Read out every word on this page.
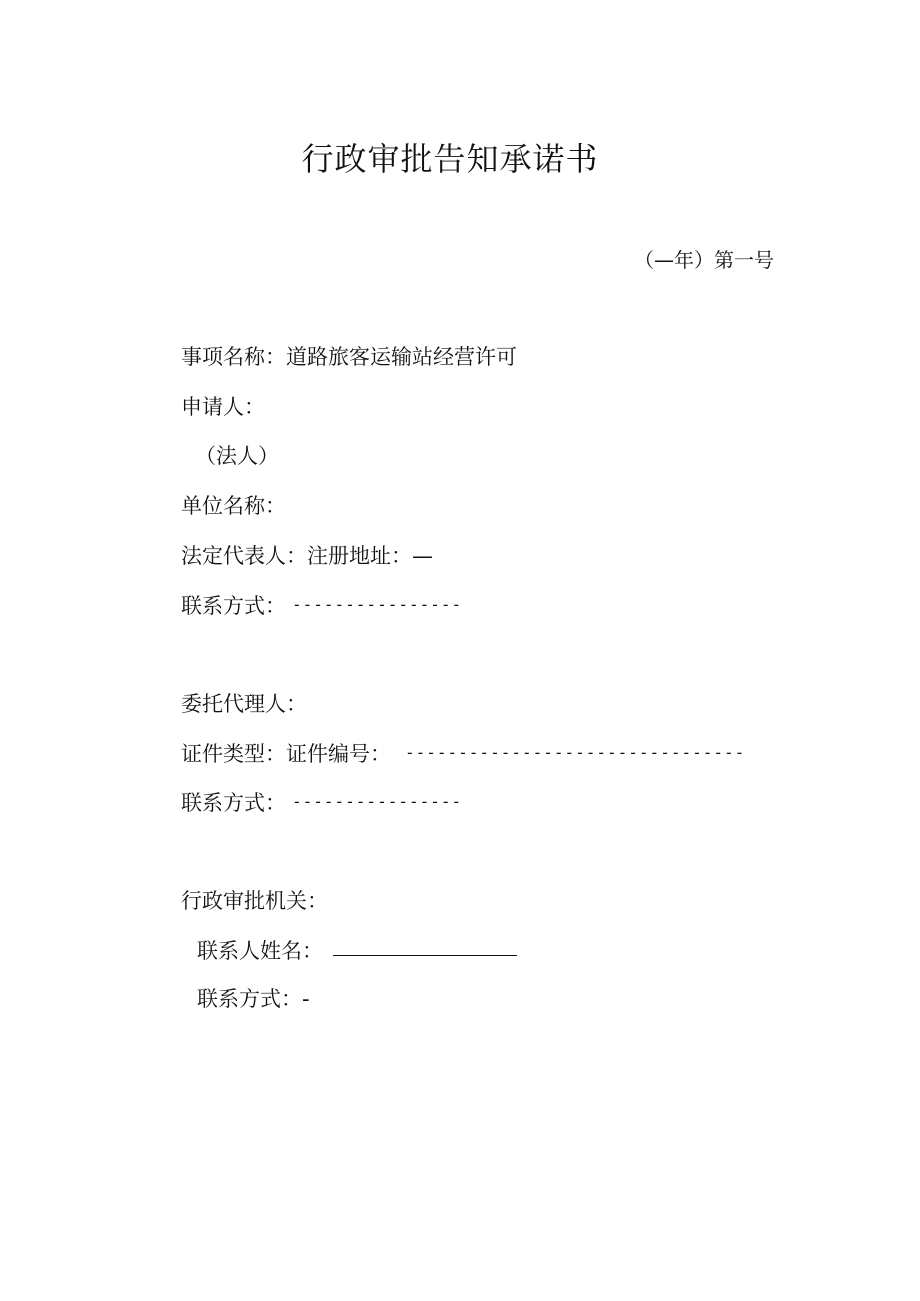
行政审批告知承诺书
（—年）第一号
事项名称：道路旅客运输站经营许可
申请人：
（法人）
单位名称：
法定代表人：注册地址：—
联系方式： ----------------
委托代理人：
证件类型：证件编号： --------------------------------
联系方式： ----------------
行政审批机关：
联系人姓名：
联系方式：-
